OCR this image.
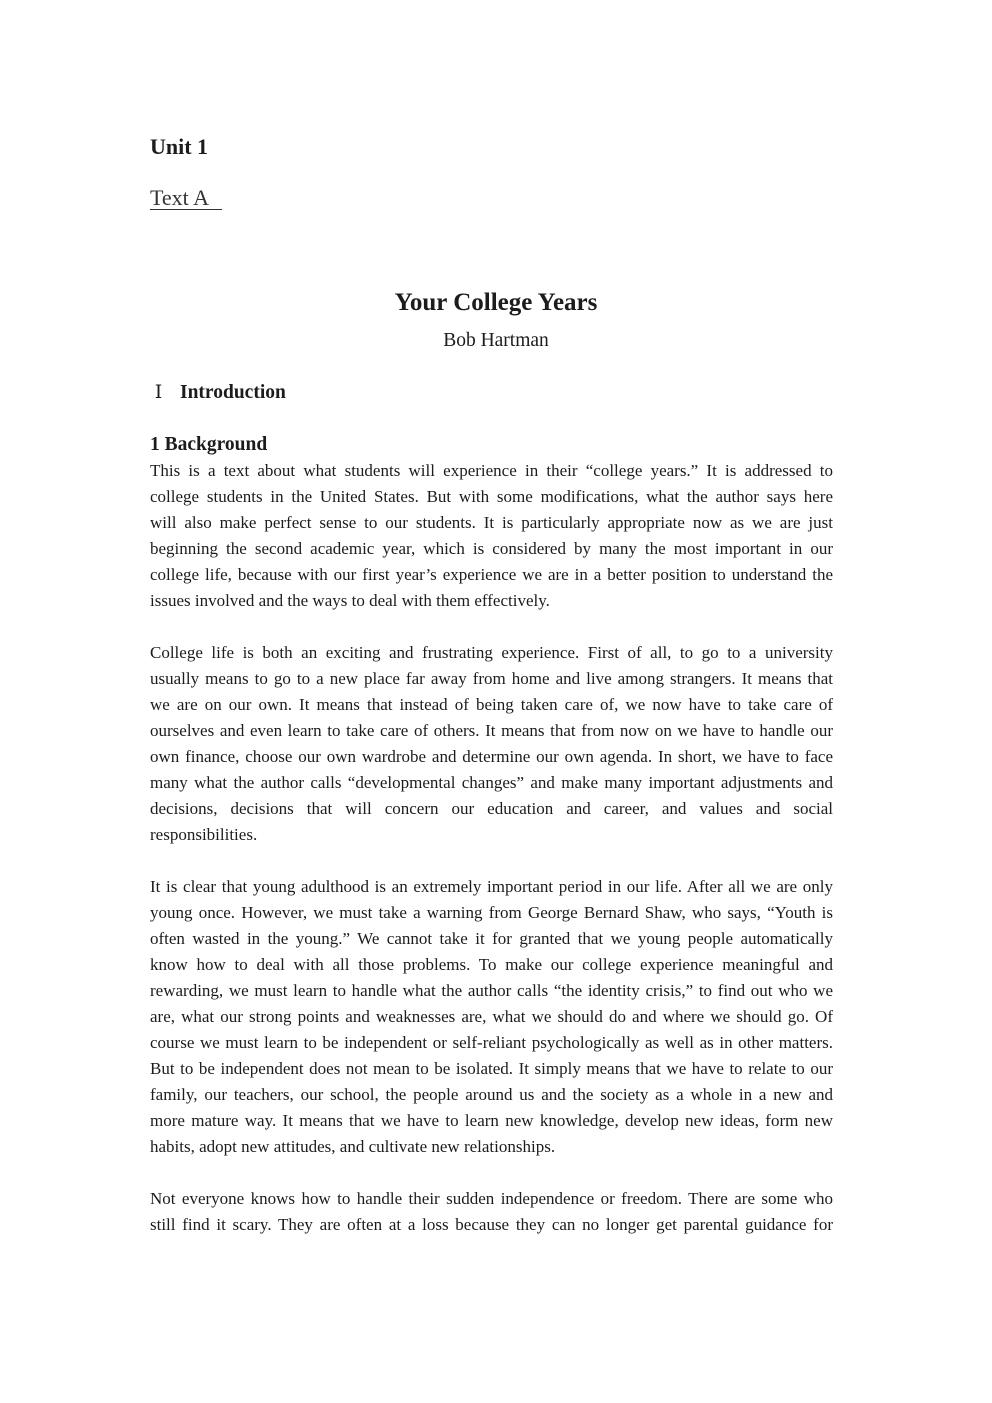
Unit 1
Text A
Your College Years
Bob Hartman
Ⅰ Introduction
1 Background
This is a text about what students will experience in their “college years.” It is addressed to
college students in the United States. But with some modifications, what the author says here
will also make perfect sense to our students. It is particularly appropriate now as we are just
beginning the second academic year, which is considered by many the most important in our
college life, because with our first year’s experience we are in a better position to understand the
issues involved and the ways to deal with them effectively.
College life is both an exciting and frustrating experience. First of all, to go to a university
usually means to go to a new place far away from home and live among strangers. It means that
we are on our own. It means that instead of being taken care of, we now have to take care of
ourselves and even learn to take care of others. It means that from now on we have to handle our
own finance, choose our own wardrobe and determine our own agenda. In short, we have to face
many what the author calls “developmental changes” and make many important adjustments and
decisions, decisions that will concern our education and career, and values and social
responsibilities.
It is clear that young adulthood is an extremely important period in our life. After all we are only
young once. However, we must take a warning from George Bernard Shaw, who says, “Youth is
often wasted in the young.” We cannot take it for granted that we young people automatically
know how to deal with all those problems. To make our college experience meaningful and
rewarding, we must learn to handle what the author calls “the identity crisis,” to find out who we
are, what our strong points and weaknesses are, what we should do and where we should go. Of
course we must learn to be independent or self-reliant psychologically as well as in other matters.
But to be independent does not mean to be isolated. It simply means that we have to relate to our
family, our teachers, our school, the people around us and the society as a whole in a new and
more mature way. It means that we have to learn new knowledge, develop new ideas, form new
habits, adopt new attitudes, and cultivate new relationships.
Not everyone knows how to handle their sudden independence or freedom. There are some who
still find it scary. They are often at a loss because they can no longer get parental guidance for
